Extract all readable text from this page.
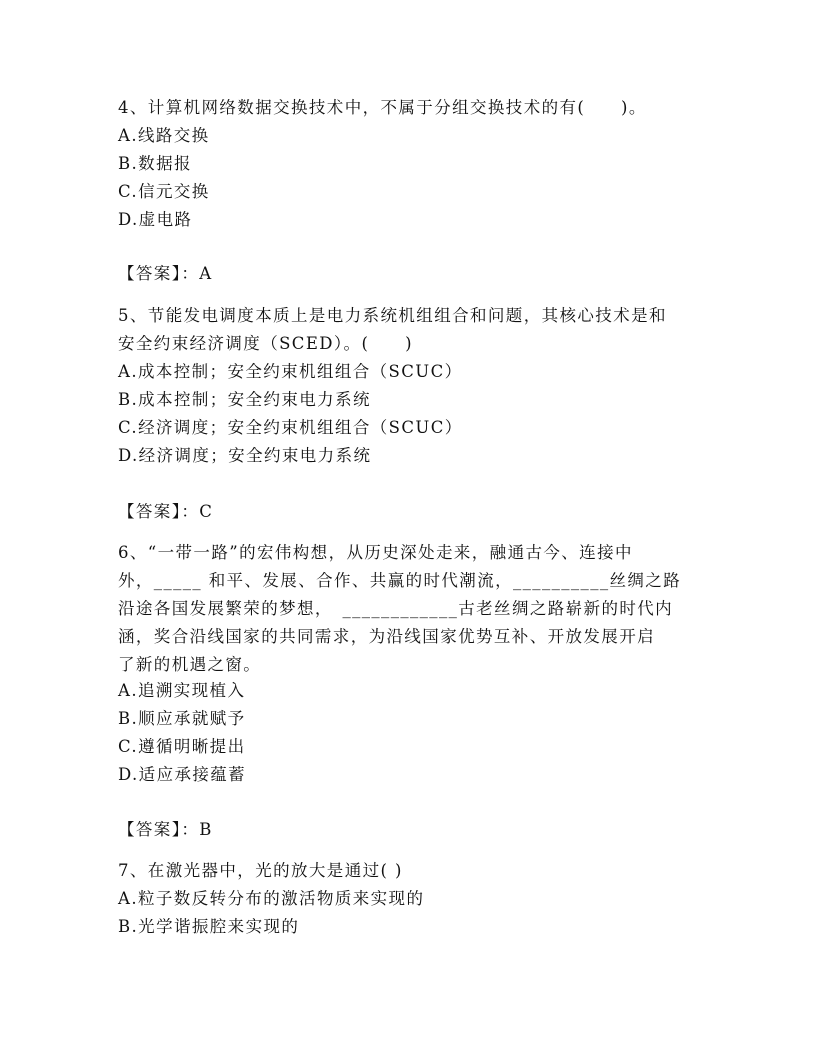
4、计算机网络数据交换技术中，不属于分组交换技术的有(　　)。
A.线路交换
B.数据报
C.信元交换
D.虚电路
【答案】：A
5、节能发电调度本质上是电力系统机组组合和问题，其核心技术是和
安全约束经济调度（SCED）。(　　)
A.成本控制；安全约束机组组合（SCUC）
B.成本控制；安全约束电力系统
C.经济调度；安全约束机组组合（SCUC）
D.经济调度；安全约束电力系统
【答案】：C
6、“一带一路”的宏伟构想，从历史深处走来，融通古今、连接中
外，_____ 和平、发展、合作、共赢的时代潮流，__________丝绸之路
沿途各国发展繁荣的梦想，　____________古老丝绸之路崭新的时代内
涵，奖合沿线国家的共同需求，为沿线国家优势互补、开放发展开启
了新的机遇之窗。
A.追溯实现植入
B.顺应承就赋予
C.遵循明晰提出
D.适应承接蕴蓄
【答案】：B
7、在激光器中，光的放大是通过( )
A.粒子数反转分布的激活物质来实现的
B.光学谐振腔来实现的
